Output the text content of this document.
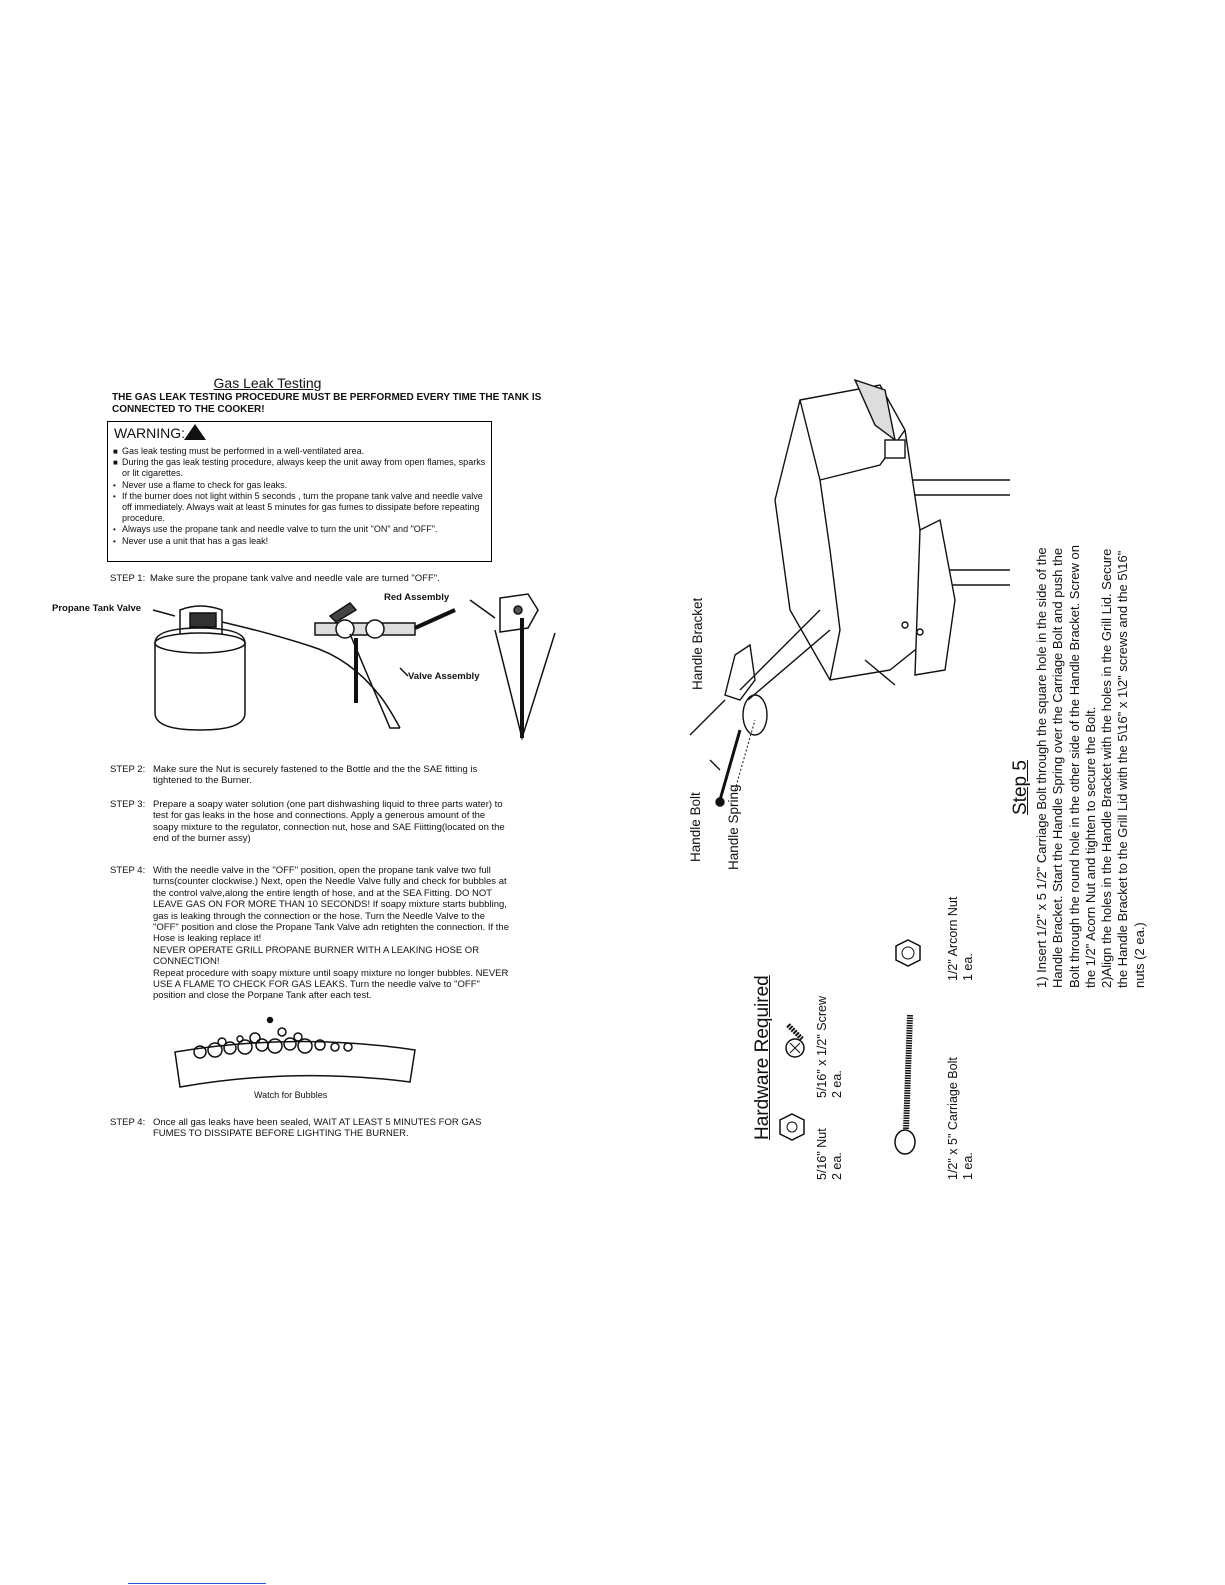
Gas Leak Testing
THE GAS LEAK TESTING PROCEDURE MUST BE PERFORMED EVERY TIME THE TANK IS CONNECTED TO THE COOKER!
WARNING:
■ Gas leak testing must be performed in a well-ventilated area.
■ During the gas leak testing procedure, always keep the unit away from open flames, sparks or lit cigarettes.
• Never use a flame to check for gas leaks.
• If the burner does not light within 5 seconds , turn the propane tank valve and needle valve off immediately. Always wait at least 5 minutes for gas fumes to dissipate before repeating procedure.
• Always use the propane tank and needle valve to turn the unit "ON" and "OFF".
• Never use a unit that has a gas leak!
STEP 1: Make sure the propane tank valve and needle vale are turned "OFF".
Propane Tank Valve
Red Assembly
Valve Assembly
STEP 2: Make sure the Nut is securely fastened to the Bottle and the the SAE fitting is tightened to the Burner.
STEP 3: Prepare a soapy water solution (one part dishwashing liquid to three parts water) to test for gas leaks in the hose and connections. Apply a generous amount of the soapy mixture to the regulator, connection nut, hose and SAE Fiitting(located on the end of the burner assy)
STEP 4: With the needle valve in the "OFF" position, open the propane tank valve two full turns(counter clockwise.) Next, open the Needle Valve fully and check for bubbles at the control valve,along the entire length of hose, and at the SEA Fitting. DO NOT LEAVE GAS ON FOR MORE THAN 10 SECONDS! If soapy mixture starts bubbling, gas is leaking through the connection or the hose. Turn the Needle Valve to the "OFF" position and close the Propane Tank Valve adn retighten the connection. If the Hose is leaking replace it!
NEVER OPERATE GRILL PROPANE BURNER WITH A LEAKING HOSE OR CONNECTION!
Repeat procedure with soapy mixture until soapy mixture no longer bubbles. NEVER USE A FLAME TO CHECK FOR GAS LEAKS. Turn the needle valve to "OFF" position and close the Porpane Tank after each test.
Watch for Bubbles
STEP 4: Once all gas leaks have been sealed, WAIT AT LEAST 5 MINUTES FOR GAS FUMES TO DISSIPATE BEFORE LIGHTING THE BURNER.
Handle Bracket
Handle Bolt Handle Spring
Hardware Required
5/16" Nut 2 ea.
5/16" x 1/2" Screw 2 ea.	1/2" x 5" Carriage Bolt 1 ea.
1/2" Arcorn Nut 1 ea.
Step 5 1) Insert 1/2" x 5 1/2" Carriage Bolt through the square hole in the side of the Handle Bracket. Start the Handle Spring over the Carriage Bolt and push the Bolt through the round hole in the other side of the Handle Bracket. Screw on the 1/2" Acorn Nut and tighten to secure the Bolt. 2)Align the holes in the Handle Bracket with the holes in the Grill Lid. Secure the Handle Bracket to the Grill Lid with the 5\16" x 1\2" screws and the 5\16" nuts (2 ea.)
